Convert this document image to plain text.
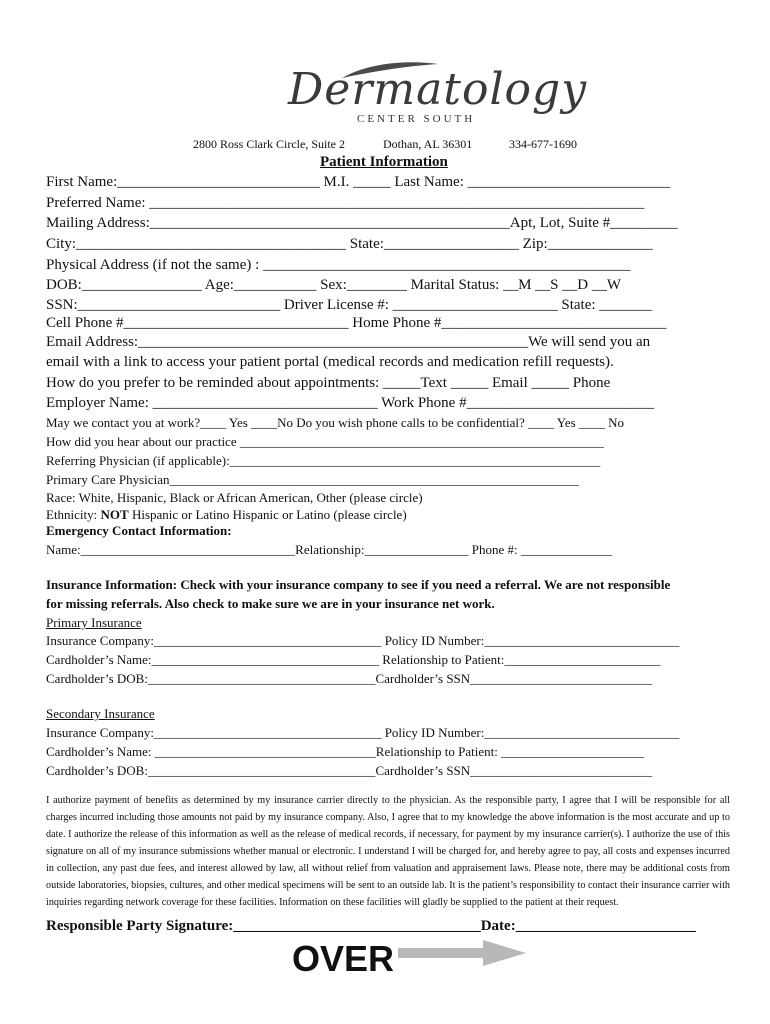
Dermatology
CENTER SOUTH
2800 Ross Clark Circle, Suite 2	Dothan, AL 36301	334-677-1690
Patient Information
First Name:___________________________ M.I. _____ Last Name: ___________________________
Preferred Name: __________________________________________________________________
Mailing Address:________________________________________________Apt, Lot, Suite #_________
City:____________________________________ State:__________________ Zip:______________
Physical Address (if not the same) : _________________________________________________
DOB:________________ Age:___________ Sex:________ Marital Status: __M __S __D __W
SSN:___________________________ Driver License #: ______________________ State: _______
Cell Phone #______________________________ Home Phone #______________________________
Email Address:____________________________________________________We will send you an
email with a link to access your patient portal (medical records and medication refill requests).
How do you prefer to be reminded about appointments: _____Text _____ Email _____ Phone
Employer Name: ______________________________ Work Phone #_________________________
May we contact you at work?____ Yes ____No Do you wish phone calls to be confidential? ____ Yes ____ No
How did you hear about our practice ________________________________________________________
Referring Physician (if applicable):_________________________________________________________
Primary Care Physician_______________________________________________________________
Race: White, Hispanic, Black or African American, Other (please circle)
Ethnicity: NOT Hispanic or Latino Hispanic or Latino (please circle)
Emergency Contact Information:
Name:_________________________________Relationship:________________ Phone #: ______________
Insurance Information: Check with your insurance company to see if you need a referral. We are not responsible
for missing referrals. Also check to make sure we are in your insurance net work.
Primary Insurance
Insurance Company:___________________________________ Policy ID Number:______________________________
Cardholder’s Name:___________________________________ Relationship to Patient:________________________
Cardholder’s DOB:___________________________________Cardholder’s SSN____________________________
Secondary Insurance
Insurance Company:___________________________________ Policy ID Number:______________________________
Cardholder’s Name: __________________________________Relationship to Patient: ______________________
Cardholder’s DOB:___________________________________Cardholder’s SSN____________________________
I authorize payment of benefits as determined by my insurance carrier directly to the physician. As the responsible party, I agree that I will be responsible for all charges incurred including those amounts not paid by my insurance company. Also, I agree that to my knowledge the above information is the most accurate and up to date. I authorize the release of this information as well as the release of medical records, if necessary, for payment by my insurance carrier(s). I authorize the use of this signature on all of my insurance submissions whether manual or electronic. I understand I will be charged for, and hereby agree to pay, all costs and expenses incurred in collection, any past due fees, and interest allowed by law, all without relief from valuation and appraisement laws. Please note, there may be additional costs from outside laboratories, biopsies, cultures, and other medical specimens will be sent to an outside lab. It is the patient’s responsibility to contact their insurance carrier with inquiries regarding network coverage for these facilities. Information on these facilities will gladly be supplied to the patient at their request.
Responsible Party Signature:_________________________________Date:________________________
OVER
